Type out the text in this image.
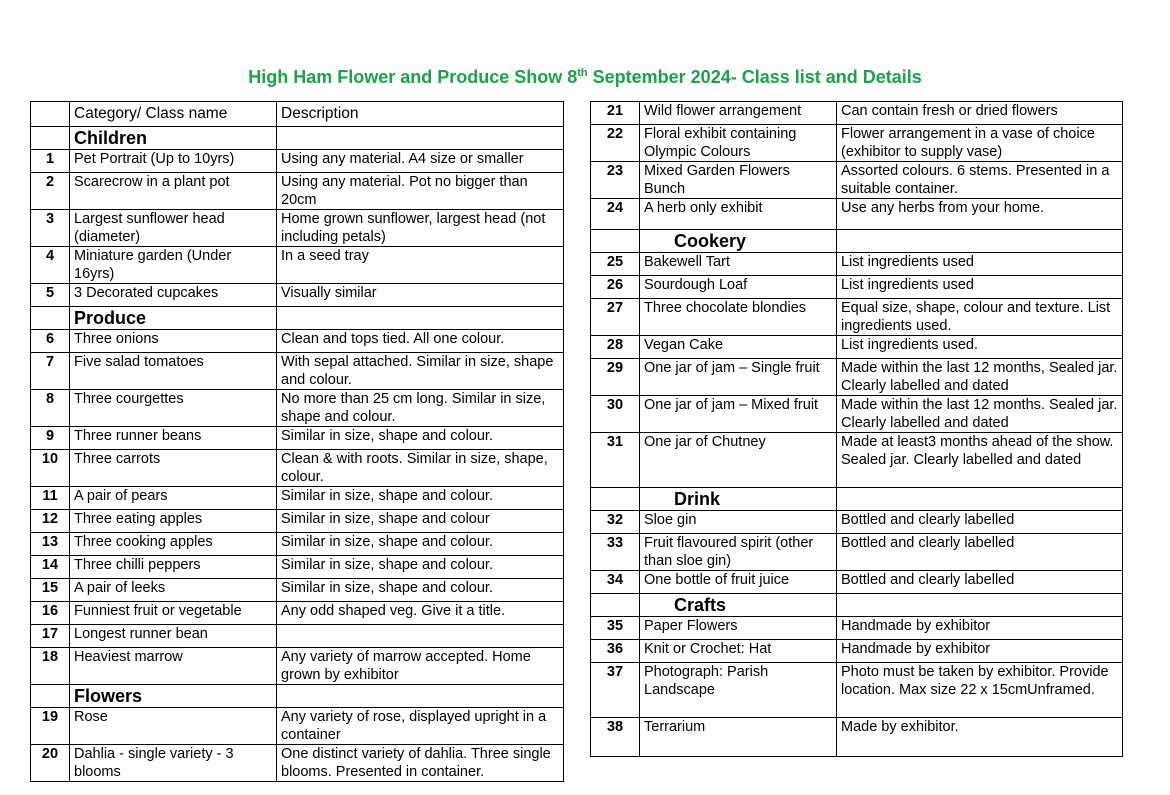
High Ham Flower and Produce Show 8th September 2024- Class list and Details
	Category/ Class name	Description
	Children	
1	Pet Portrait (Up to 10yrs)	Using any material. A4 size or smaller
2	Scarecrow in a plant pot	Using any material. Pot no bigger than 20cm
3	Largest sunflower head (diameter)	Home grown sunflower, largest head (not including petals)
4	Miniature garden (Under 16yrs)	In a seed tray
5	3 Decorated cupcakes	Visually similar
	Produce	
6	Three onions	Clean and tops tied. All one colour.
7	Five salad tomatoes	With sepal attached. Similar in size, shape and colour.
8	Three courgettes	No more than 25 cm long. Similar in size, shape and colour.
9	Three runner beans	Similar in size, shape and colour.
10	Three carrots	Clean & with roots. Similar in size, shape, colour.
11	A pair of pears	Similar in size, shape and colour.
12	Three eating apples	Similar in size, shape and colour
13	Three cooking apples	Similar in size, shape and colour.
14	Three chilli peppers	Similar in size, shape and colour.
15	A pair of leeks	Similar in size, shape and colour.
16	Funniest fruit or vegetable	Any odd shaped veg. Give it a title.
17	Longest runner bean	
18	Heaviest marrow	Any variety of marrow accepted. Home grown by exhibitor
	Flowers	
19	Rose	Any variety of rose, displayed upright in a container
20	Dahlia - single variety - 3 blooms	One distinct variety of dahlia. Three single blooms. Presented in container.
21	Wild flower arrangement	Can contain fresh or dried flowers
22	Floral exhibit containing Olympic Colours	Flower arrangement in a vase of choice (exhibitor to supply vase)
23	Mixed Garden Flowers Bunch	Assorted colours. 6 stems. Presented in a suitable container.
24	A herb only exhibit	Use any herbs from your home.
	Cookery	
25	Bakewell Tart	List ingredients used
26	Sourdough Loaf	List ingredients used
27	Three chocolate blondies	Equal size, shape, colour and texture. List ingredients used.
28	Vegan Cake	List ingredients used.
29	One jar of jam – Single fruit	Made within the last 12 months, Sealed jar. Clearly labelled and dated
30	One jar of jam – Mixed fruit	Made within the last 12 months. Sealed jar. Clearly labelled and dated
31	One jar of Chutney	Made at least3 months ahead of the show. Sealed jar. Clearly labelled and dated
	Drink	
32	Sloe gin	Bottled and clearly labelled
33	Fruit flavoured spirit (other than sloe gin)	Bottled and clearly labelled
34	One bottle of fruit juice	Bottled and clearly labelled
	Crafts	
35	Paper Flowers	Handmade by exhibitor
36	Knit or Crochet: Hat	Handmade by exhibitor
37	Photograph: Parish Landscape	Photo must be taken by exhibitor. Provide location. Max size 22 x 15cmUnframed.
38	Terrarium	Made by exhibitor.
